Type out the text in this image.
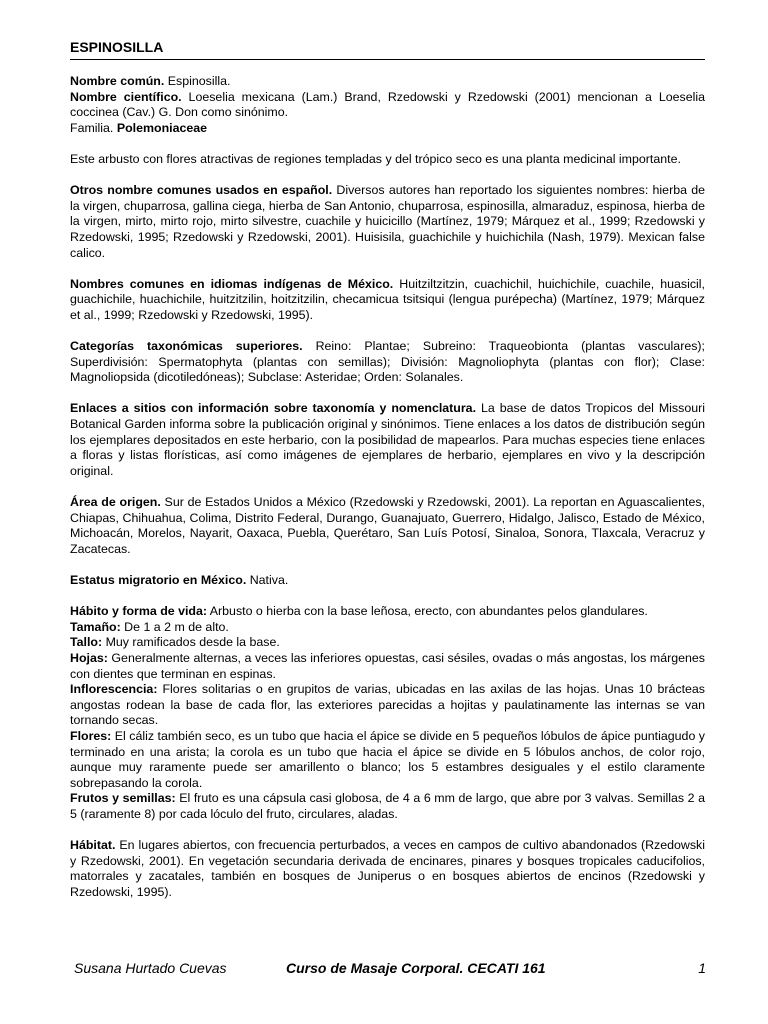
ESPINOSILLA

Nombre común. Espinosilla.

Nombre científico. Loeselia mexicana (Lam.) Brand, Rzedowski y Rzedowski (2001) mencionan a Loeselia coccinea (Cav.) G. Don como sinónimo.

Familia. Polemoniaceae

Este arbusto con flores atractivas de regiones templadas y del trópico seco es una planta medicinal importante.

Otros nombre comunes usados en español. Diversos autores han reportado los siguientes nombres: hierba de la virgen, chuparrosa, gallina ciega, hierba de San Antonio, chuparrosa, espinosilla, almaraduz, espinosa, hierba de la virgen, mirto, mirto rojo, mirto silvestre, cuachile y huicicillo (Martínez, 1979; Márquez et al., 1999; Rzedowski y Rzedowski, 1995; Rzedowski y Rzedowski, 2001). Huisisila, guachichile y huichichila (Nash, 1979). Mexican false calico.

Nombres comunes en idiomas indígenas de México. Huitziltzitzin, cuachichil, huichichile, cuachile, huasicil, guachichile, huachichile, huitzitzilin, hoitzitzilin, checamicua tsitsiqui (lengua purépecha) (Martínez, 1979; Márquez et al., 1999; Rzedowski y Rzedowski, 1995).

Categorías taxonómicas superiores. Reino: Plantae; Subreino: Traqueobionta (plantas vasculares); Superdivisión: Spermatophyta (plantas con semillas); División: Magnoliophyta (plantas con flor); Clase: Magnoliopsida (dicotiledóneas); Subclase: Asteridae; Orden: Solanales.

Enlaces a sitios con información sobre taxonomía y nomenclatura. La base de datos Tropicos del Missouri Botanical Garden informa sobre la publicación original y sinónimos. Tiene enlaces a los datos de distribución según los ejemplares depositados en este herbario, con la posibilidad de mapearlos. Para muchas especies tiene enlaces a floras y listas florísticas, así como imágenes de ejemplares de herbario, ejemplares en vivo y la descripción original.

Área de origen. Sur de Estados Unidos a México (Rzedowski y Rzedowski, 2001). La reportan en Aguascalientes, Chiapas, Chihuahua, Colima, Distrito Federal, Durango, Guanajuato, Guerrero, Hidalgo, Jalisco, Estado de México, Michoacán, Morelos, Nayarit, Oaxaca, Puebla, Querétaro, San Luís Potosí, Sinaloa, Sonora, Tlaxcala, Veracruz y Zacatecas.

Estatus migratorio en México. Nativa.

Hábito y forma de vida: Arbusto o hierba con la base leñosa, erecto, con abundantes pelos glandulares.

Tamaño: De 1 a 2 m de alto.

Tallo: Muy ramificados desde la base.

Hojas: Generalmente alternas, a veces las inferiores opuestas, casi sésiles, ovadas o más angostas, los márgenes con dientes que terminan en espinas.

Inflorescencia: Flores solitarias o en grupitos de varias, ubicadas en las axilas de las hojas. Unas 10 brácteas angostas rodean la base de cada flor, las exteriores parecidas a hojitas y paulatinamente las internas se van tornando secas.

Flores: El cáliz también seco, es un tubo que hacia el ápice se divide en 5 pequeños lóbulos de ápice puntiagudo y terminado en una arista; la corola es un tubo que hacia el ápice se divide en 5 lóbulos anchos, de color rojo, aunque muy raramente puede ser amarillento o blanco; los 5 estambres desiguales y el estilo claramente sobrepasando la corola.

Frutos y semillas: El fruto es una cápsula casi globosa, de 4 a 6 mm de largo, que abre por 3 valvas. Semillas 2 a 5 (raramente 8) por cada lóculo del fruto, circulares, aladas.

Hábitat. En lugares abiertos, con frecuencia perturbados, a veces en campos de cultivo abandonados (Rzedowski y Rzedowski, 2001). En vegetación secundaria derivada de encinares, pinares y bosques tropicales caducifolios, matorrales y zacatales, también en bosques de Juniperus o en bosques abiertos de encinos (Rzedowski y Rzedowski, 1995).

Susana Hurtado Cuevas	Curso de Masaje Corporal. CECATI 161	1
